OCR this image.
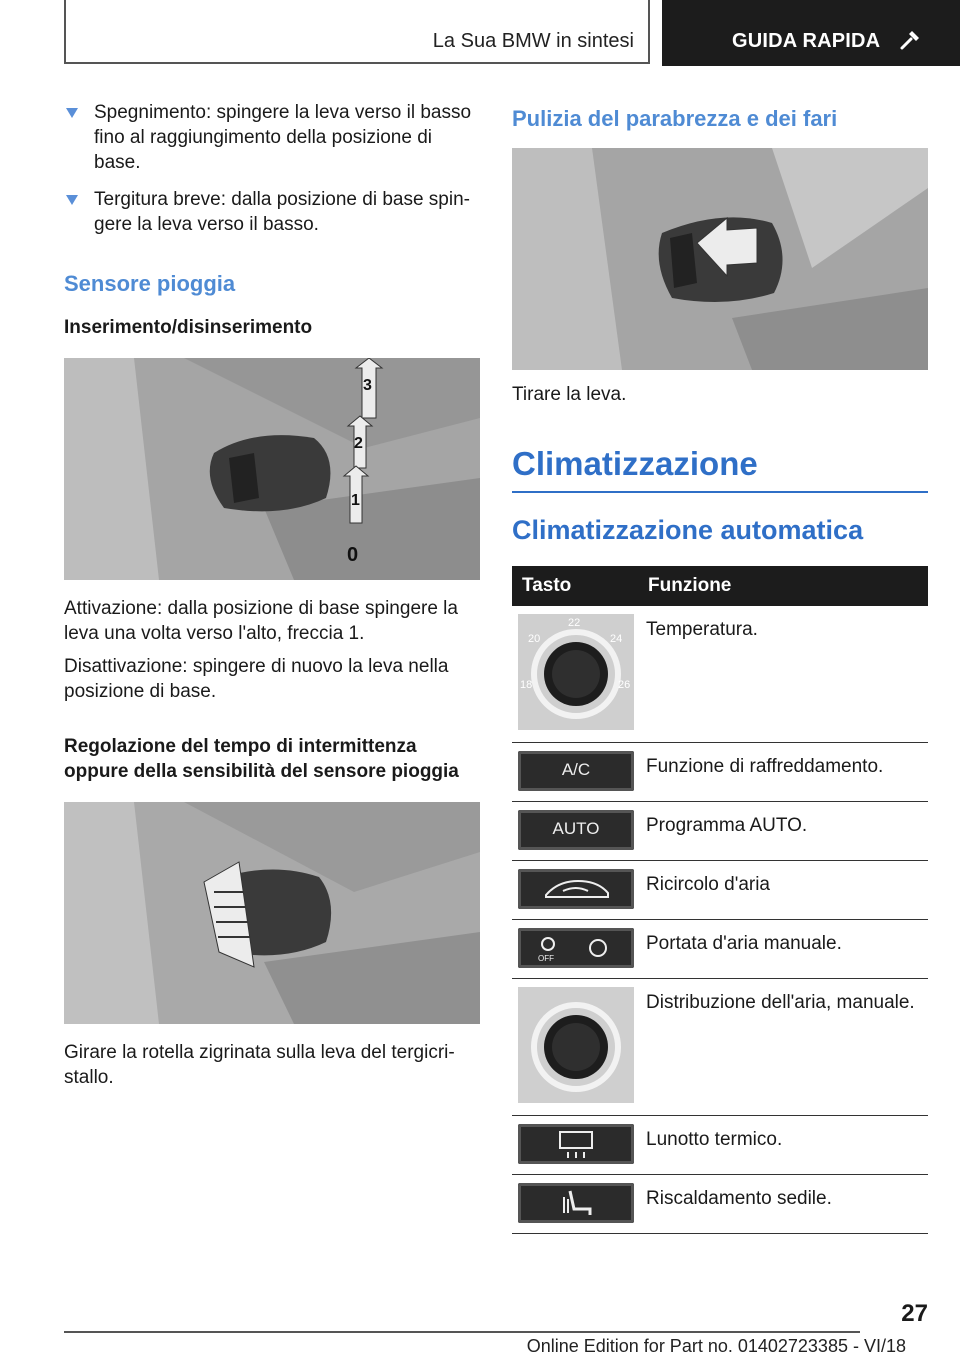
La Sua BMW in sintesi	GUIDA RAPIDA
Spegnimento: spingere la leva verso il basso fino al raggiungimento della posizione di base.
Tergitura breve: dalla posizione di base spingere la leva verso il basso.
Sensore pioggia
Inserimento/disinserimento
3
2
1
0

Attivazione: dalla posizione di base spingere la leva una volta verso l'alto, freccia 1.

Disattivazione: spingere di nuovo la leva nella posizione di base.

Regolazione del tempo di intermittenza oppure della sensibilità del sensore pioggia

Girare la rotella zigrinata sulla leva del tergicristallo.

Pulizia del parabrezza e dei fari

Tirare la leva.

Climatizzazione
Climatizzazione automatica
Tasto	Funzione

20
22
24
18 26	Temperatura.

A/C	Funzione di raffreddamento.

AUTO	Programma AUTO.

	Ricircolo d'aria

OFF	Portata d'aria manuale.

	Distribuzione dell'aria, manuale.

	Lunotto termico.

	Riscaldamento sedile.
27
Online Edition for Part no. 01402723385 - VI/18
